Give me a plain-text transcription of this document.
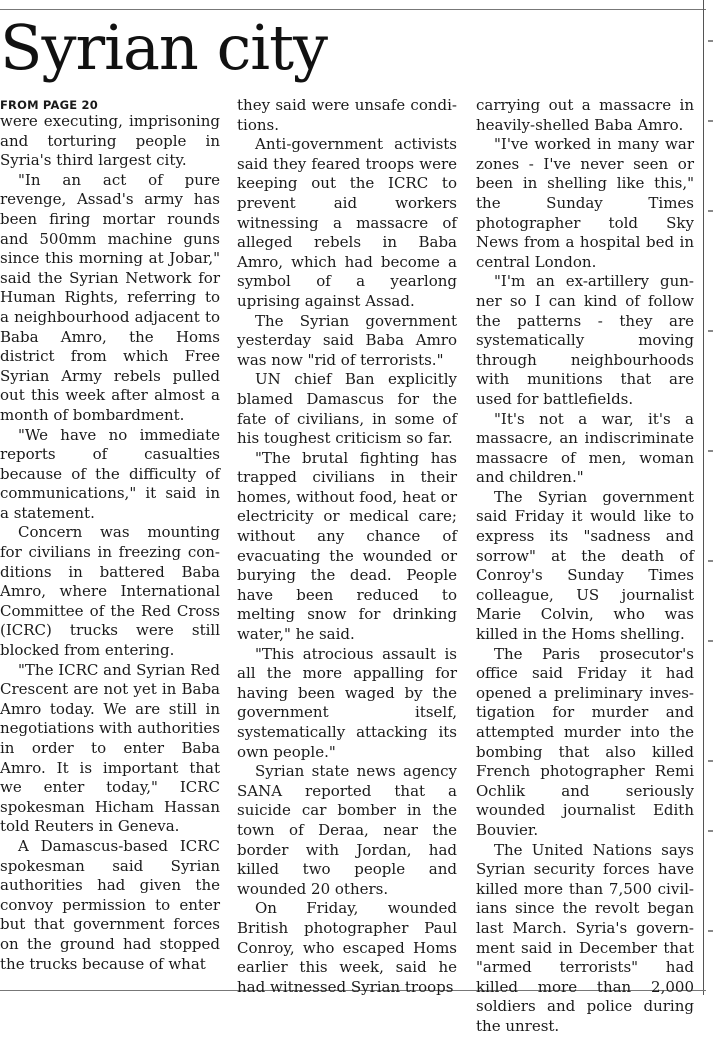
Syrian city
FROM PAGE 20

were executing, imprisoning and torturing people in Syria's third largest city.

"In an act of pure revenge, Assad's army has been firing mortar rounds and 500mm machine guns since this morning at Jobar," said the Syrian Network for Human Rights, referring to a neighbourhood adjacent to Baba Amro, the Homs district from which Free Syrian Army rebels pulled out this week after almost a month of bombardment.

"We have no immediate reports of casualties because of the difficulty of communications," it said in a statement.

Concern was mounting for civilians in freezing conditions in battered Baba Amro, where International Committee of the Red Cross (ICRC) trucks were still blocked from entering.

"The ICRC and Syrian Red Crescent are not yet in Baba Amro today. We are still in negotiations with authorities in order to enter Baba Amro. It is important that we enter today," ICRC spokesman Hicham Hassan told Reuters in Geneva.

A Damascus-based ICRC spokesman said Syrian authorities had given the convoy permission to enter but that government forces on the ground had stopped the trucks because of what

they said were unsafe conditions.

Anti-government activists said they feared troops were keeping out the ICRC to prevent aid workers witnessing a massacre of alleged rebels in Baba Amro, which had become a symbol of a yearlong uprising against Assad.

The Syrian government yesterday said Baba Amro was now "rid of terrorists."

UN chief Ban explicitly blamed Damascus for the fate of civilians, in some of his toughest criticism so far.

"The brutal fighting has trapped civilians in their homes, without food, heat or electricity or medical care; without any chance of evacuating the wounded or burying the dead. People have been reduced to melting snow for drinking water," he said.

"This atrocious assault is all the more appalling for having been waged by the government itself, systematically attacking its own people."

Syrian state news agency SANA reported that a suicide car bomber in the town of Deraa, near the border with Jordan, had killed two people and wounded 20 others.

On Friday, wounded British photographer Paul Conroy, who escaped Homs earlier this week, said he had witnessed Syrian troops

carrying out a massacre in heavily-shelled Baba Amro.

"I've worked in many war zones - I've never seen or been in shelling like this," the Sunday Times photographer told Sky News from a hospital bed in central London.

"I'm an ex-artillery gunner so I can kind of follow the patterns - they are systematically moving through neighbourhoods with munitions that are used for battlefields.

"It's not a war, it's a massacre, an indiscriminate massacre of men, woman and children."

The Syrian government said Friday it would like to express its "sadness and sorrow" at the death of Conroy's Sunday Times colleague, US journalist Marie Colvin, who was killed in the Homs shelling.

The Paris prosecutor's office said Friday it had opened a preliminary investigation for murder and attempted murder into the bombing that also killed French photographer Remi Ochlik and seriously wounded journalist Edith Bouvier.

The United Nations says Syrian security forces have killed more than 7,500 civilians since the revolt began last March. Syria's government said in December that "armed terrorists" had killed more than 2,000 soldiers and police during the unrest.
